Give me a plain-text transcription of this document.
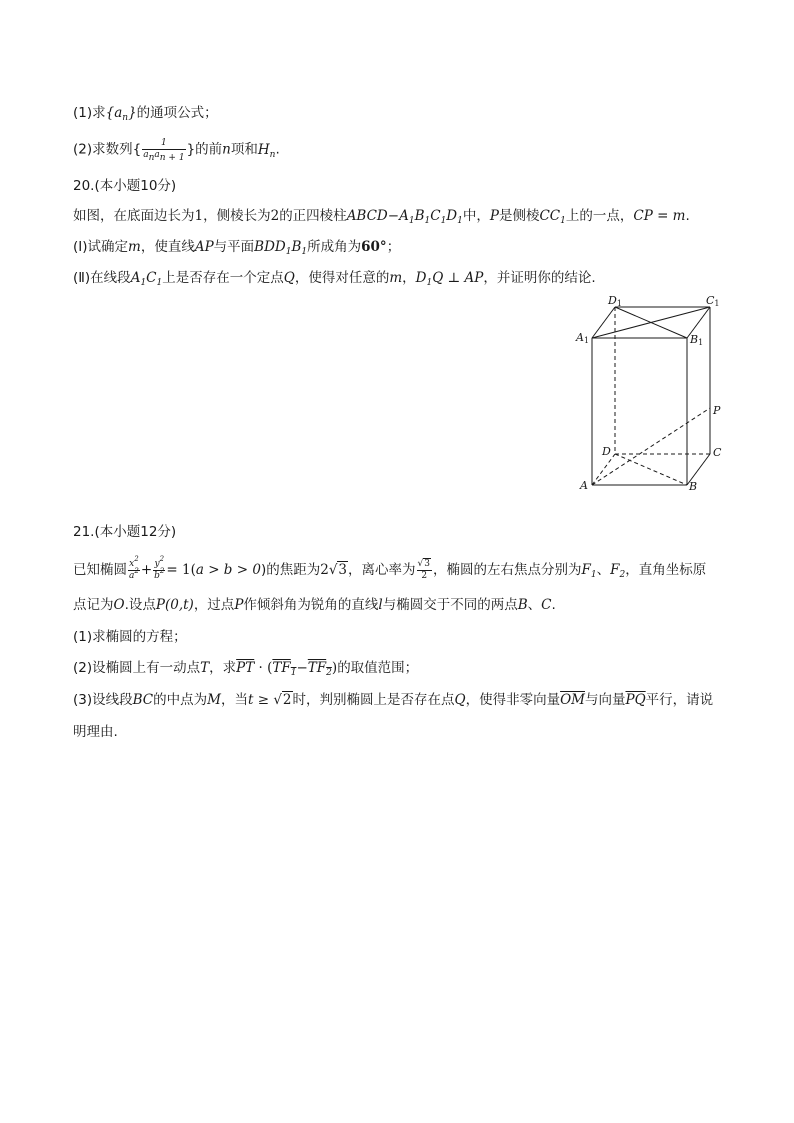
(1)求$\{a_n\}$的通项公式；
(2)求数列{ $\frac{1}{a_na_{n + 1}}$ }的前n项和$H_n$.
20.(本小题10分)
如图，在底面边长为1，侧棱长为2的正四棱柱$ABCD-A_1B_1C_1D_1$中，P是侧棱$CC_1$上的一点，CP = m.
(Ⅰ)试确定m，使直线AP与平面$BDD_1B_1$所成角为60°；
(Ⅱ)在线段$A_1C_1$上是否存在一个定点Q，使得对任意的m，$D_1Q$ ⊥ AP，并证明你的结论.
D1	C1
A1	B1
P
D	C
A	B
21.(本小题12分)
已知椭圆 $\frac{x^2}{a^2} + \frac{y^2}{b^2} = 1(a > b > 0)$的焦距为2√3，离心率为 $\frac{√3}{2}$ ，椭圆的左右焦点分别为$F_1$、$F_2$，直角坐标原
点记为O.设点P(0,t)，过点P作倾斜角为锐角的直线l与椭圆交于不同的两点B、C.
(1)求椭圆的方程；
(2)设椭圆上有一动点T，求$\overline{PT} \cdot (TF_1-TF_2)$的取值范围；
(3)设线段BC的中点为M，当t ≥ √2时，判别椭圆上是否存在点Q，使得非零向量$\overline{OM}$与向量$\overline{PQ}$平行，请说
明理由.
